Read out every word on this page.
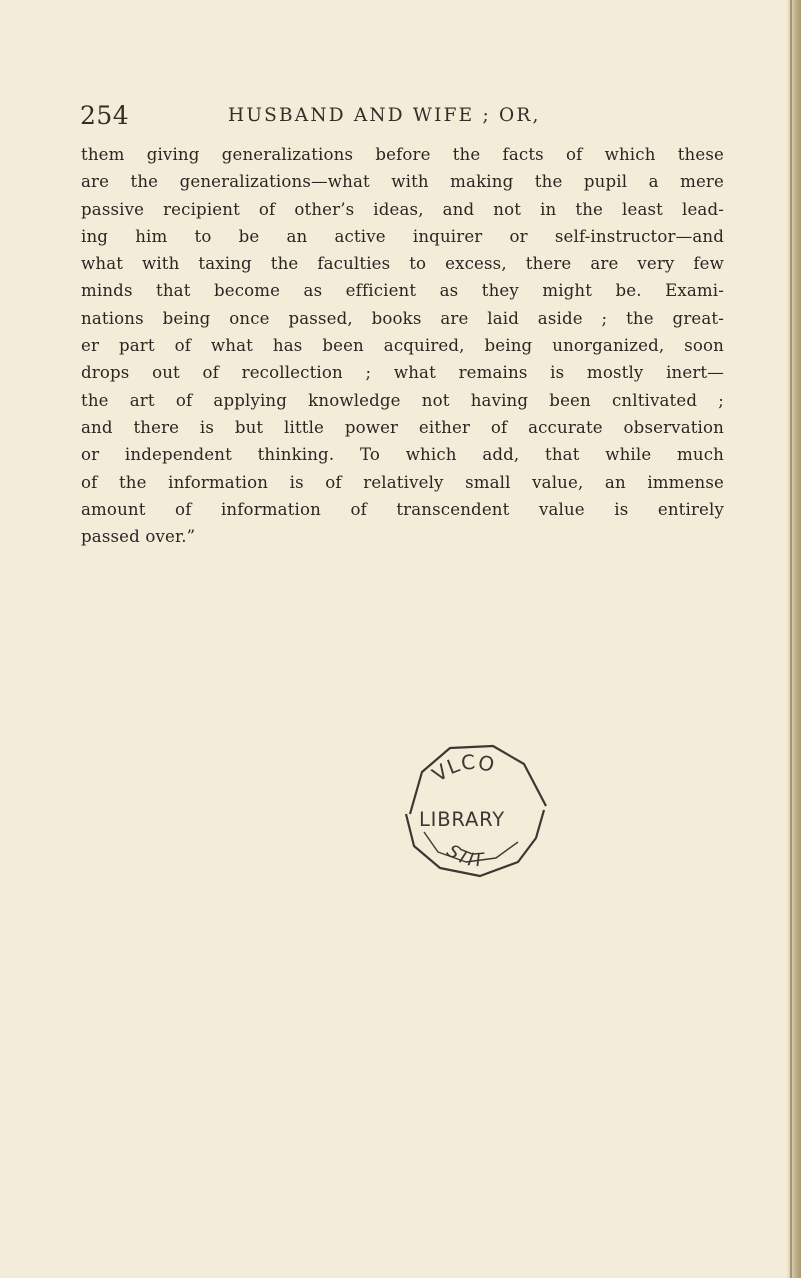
254	HUSBAND AND WIFE ; OR,
them giving generalizations before the facts of which these
are the generalizations—what with making the pupil a mere
passive recipient of other’s ideas, and not in the least lead-
ing him to be an active inquirer or self-instructor—and
what with taxing the faculties to excess, there are very few
minds that become as efficient as they might be. Exami-
nations being once passed, books are laid aside ; the great-
er part of what has been acquired, being unorganized, soon
drops out of recollection ; what remains is mostly inert—
the art of applying knowledge not having been cnltivated ;
and there is but little power either of accurate observation
or independent thinking. To which add, that while much
of the information is of relatively small value, an immense
amount of information of transcendent value is entirely
passed over.”
VLCO
LIBRARY
STIT
